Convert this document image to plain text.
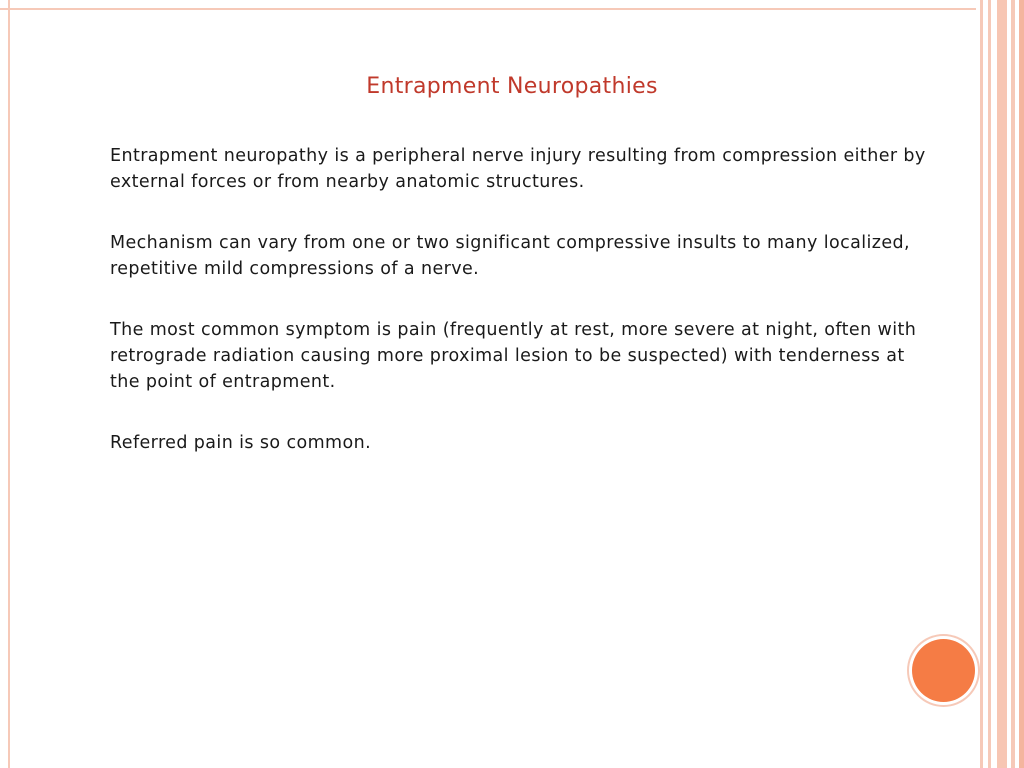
Entrapment Neuropathies

Entrapment neuropathy is a peripheral nerve injury resulting from compression either by external forces or from nearby anatomic structures.

Mechanism can vary from one or two significant compressive insults to many localized, repetitive mild compressions of a nerve.

The most common symptom is pain (frequently at rest, more severe at night, often with retrograde radiation causing more proximal lesion to be suspected) with tenderness at the point of entrapment.

Referred pain is so common.
